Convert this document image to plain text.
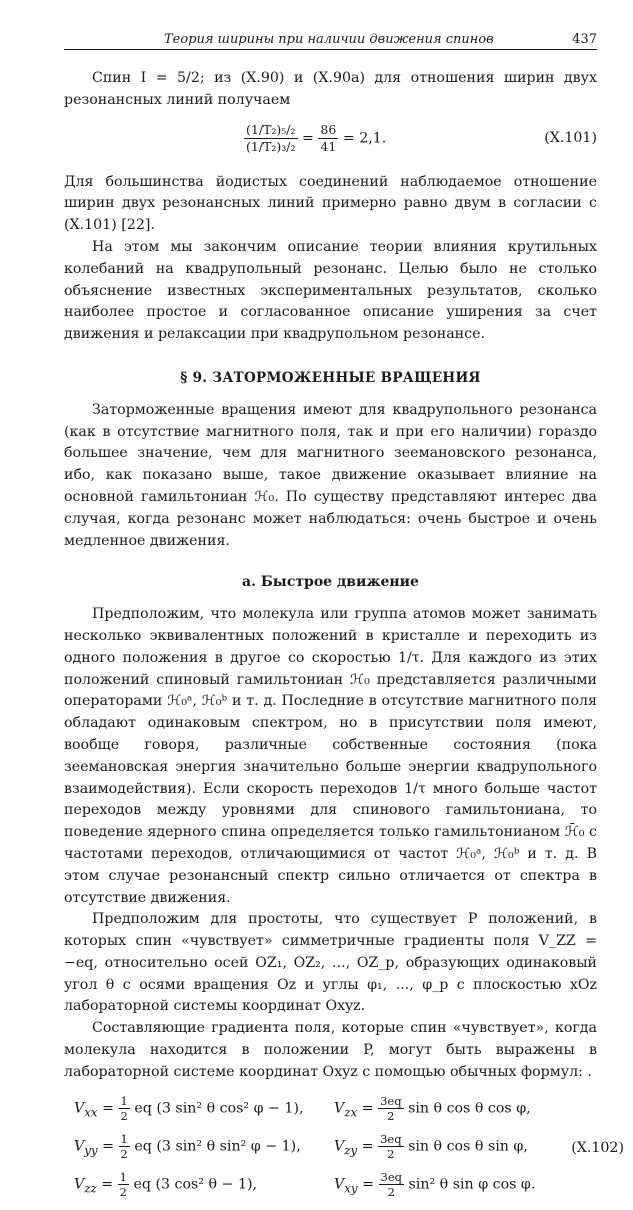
Теория ширины при наличии движения спинов	437

Спин I = 5/2; из (X.90) и (X.90a) для отношения ширин двух резонансных линий получаем

$\frac{\text{(1/T₂)₅/₂}}{\text{(1/T₂)₃/₂}} = \frac{86}{41} = 2,1$.	(X.101)

Для большинства йодистых соединений наблюдаемое отношение ширин двух резонансных линий примерно равно двум в согласии с (X.101) [22].

На этом мы закончим описание теории влияния крутильных колебаний на квадрупольный резонанс. Целью было не столько объяснение известных экспериментальных результатов, сколько наиболее простое и согласованное описание уширения за счет движения и релаксации при квадрупольном резонансе.

§ 9. ЗАТОРМОЖЕННЫЕ ВРАЩЕНИЯ

Заторможенные вращения имеют для квадрупольного резонанса (как в отсутствие магнитного поля, так и при его наличии) гораздо большее значение, чем для магнитного зеемановского резонанса, ибо, как показано выше, такое движение оказывает влияние на основной гамильтониан ℋ₀. По существу представляют интерес два случая, когда резонанс может наблюдаться: очень быстрое и очень медленное движения.

а. Быстрое движение

Предположим, что молекула или группа атомов может занимать несколько эквивалентных положений в кристалле и переходить из одного положения в другое со скоростью 1/τ. Для каждого из этих положений спиновый гамильтониан ℋ₀ представляется различными операторами ℋ₀ᵃ, ℋ₀ᵇ и т. д. Последние в отсутствие магнитного поля обладают одинаковым спектром, но в присутствии поля имеют, вообще говоря, различные собственные состояния (пока зеемановская энергия значительно больше энергии квадрупольного взаимодействия). Если скорость переходов 1/τ много больше частот переходов между уровнями для спинового гамильтониана, то поведение ядерного спина определяется только гамильтонианом ℋ̄₀ с частотами переходов, отличающимися от частот ℋ₀ᵃ, ℋ₀ᵇ и т. д. В этом случае резонансный спектр сильно отличается от спектра в отсутствие движения.

Предположим для простоты, что существует P положений, в которых спин «чувствует» симметричные градиенты поля V_ZZ = −eq, относительно осей OZ₁, OZ₂, ..., OZ_p, образующих одинаковый угол θ с осями вращения Oz и углы φ₁, ..., φ_p с плоскостью xOz лабораторной системы координат Oxyz.

Составляющие градиента поля, которые спин «чувствует», когда молекула находится в положении P, могут быть выражены в лабораторной системе координат Oxyz с помощью обычных формул: .

$V_{xx} = \frac{1}{2}$ eq (3 sin² θ cos² φ − 1), $V_{zx} = \frac{3eq}{2}$ sin θ cos θ cos φ,
$V_{yy} = \frac{1}{2}$ eq (3 sin² θ sin² φ − 1), $V_{zy} = \frac{3eq}{2}$ sin θ cos θ sin φ,	(X.102)
$V_{zz} = \frac{1}{2}$ eq (3 cos² θ − 1),	$V_{xy} = \frac{3eq}{2} \sin^2$ θ sin φ cos φ.
